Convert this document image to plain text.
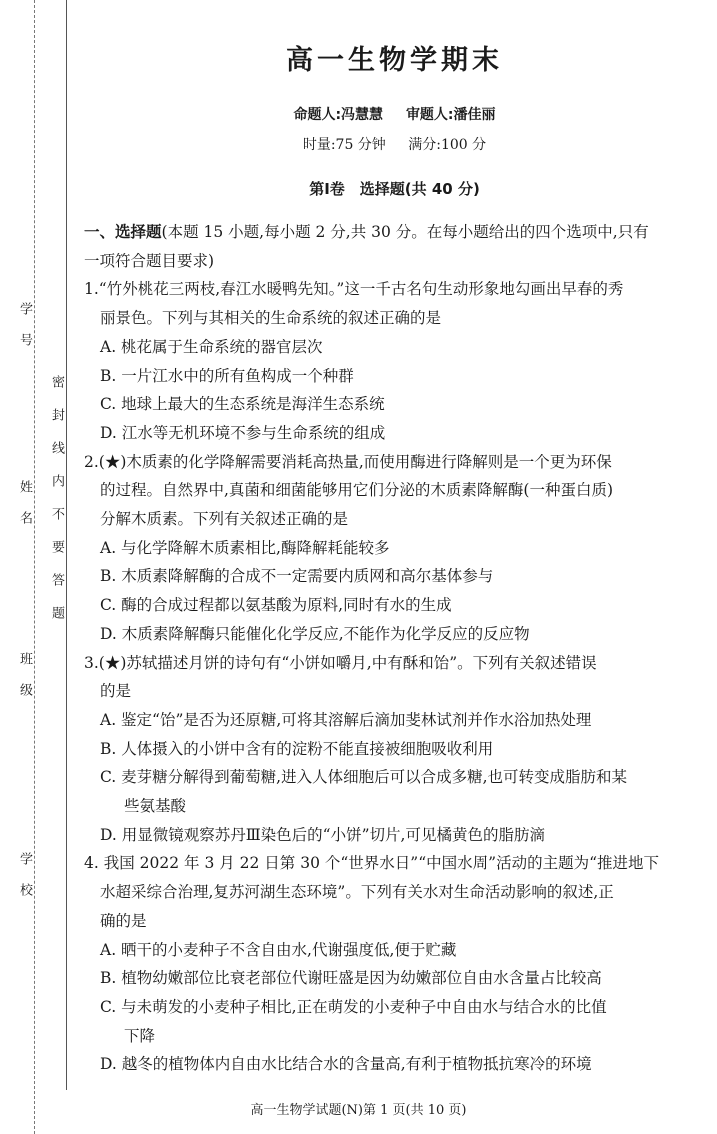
学号
姓名
班级
学校
密封线内不要答题
高一生物学期末
命题人:冯慧慧 审题人:潘佳丽
时量:75 分钟 满分:100 分
第Ⅰ卷　选择题(共 40 分)
一、选择题(本题 15 小题,每小题 2 分,共 30 分。在每小题给出的四个选项中,只有
一项符合题目要求)
1.“竹外桃花三两枝,春江水暖鸭先知。”这一千古名句生动形象地勾画出早春的秀
丽景色。下列与其相关的生命系统的叙述正确的是
A. 桃花属于生命系统的器官层次
B. 一片江水中的所有鱼构成一个种群
C. 地球上最大的生态系统是海洋生态系统
D. 江水等无机环境不参与生命系统的组成
2.(★)木质素的化学降解需要消耗高热量,而使用酶进行降解则是一个更为环保
的过程。自然界中,真菌和细菌能够用它们分泌的木质素降解酶(一种蛋白质)
分解木质素。下列有关叙述正确的是
A. 与化学降解木质素相比,酶降解耗能较多
B. 木质素降解酶的合成不一定需要内质网和高尔基体参与
C. 酶的合成过程都以氨基酸为原料,同时有水的生成
D. 木质素降解酶只能催化化学反应,不能作为化学反应的反应物
3.(★)苏轼描述月饼的诗句有“小饼如嚼月,中有酥和饴”。下列有关叙述错误
的是
A. 鉴定“饴”是否为还原糖,可将其溶解后滴加斐林试剂并作水浴加热处理
B. 人体摄入的小饼中含有的淀粉不能直接被细胞吸收利用
C. 麦芽糖分解得到葡萄糖,进入人体细胞后可以合成多糖,也可转变成脂肪和某
些氨基酸
D. 用显微镜观察苏丹Ⅲ染色后的“小饼”切片,可见橘黄色的脂肪滴
4. 我国 2022 年 3 月 22 日第 30 个“世界水日”“中国水周”活动的主题为“推进地下
水超采综合治理,复苏河湖生态环境”。下列有关水对生命活动影响的叙述,正
确的是
A. 晒干的小麦种子不含自由水,代谢强度低,便于贮藏
B. 植物幼嫩部位比衰老部位代谢旺盛是因为幼嫩部位自由水含量占比较高
C. 与未萌发的小麦种子相比,正在萌发的小麦种子中自由水与结合水的比值
下降
D. 越冬的植物体内自由水比结合水的含量高,有利于植物抵抗寒冷的环境
高一生物学试题(N)第 1 页(共 10 页)
